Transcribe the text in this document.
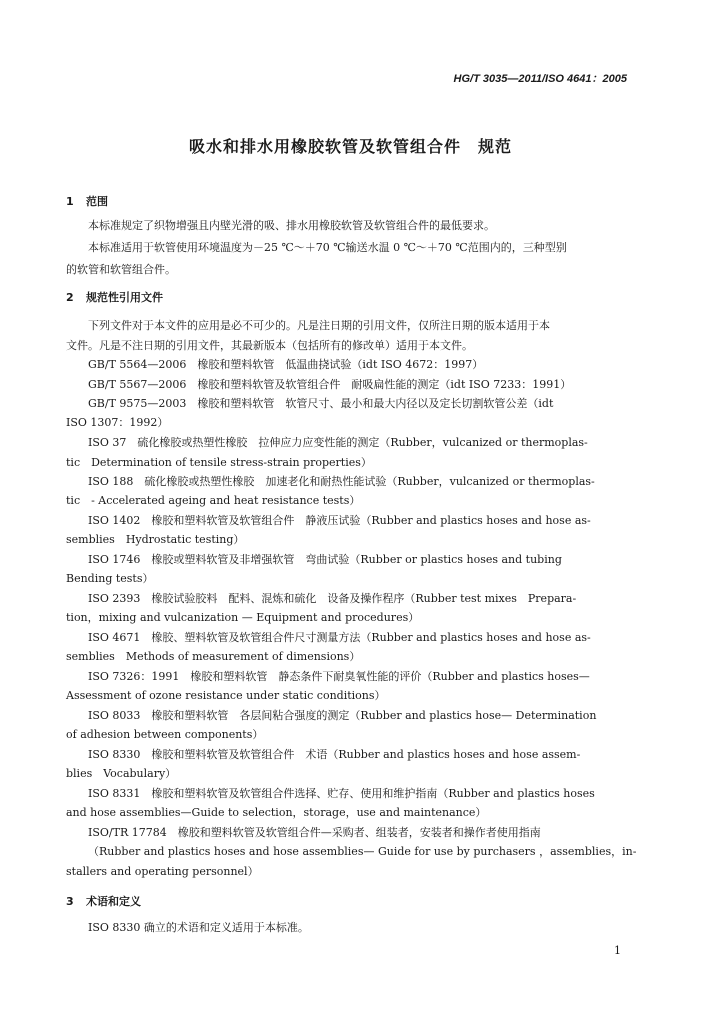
HG/T 3035—2011/ISO 4641：2005
吸水和排水用橡胶软管及软管组合件　规范
1 范围
本标准规定了织物增强且内壁光滑的吸、排水用橡胶软管及软管组合件的最低要求。
本标准适用于软管使用环境温度为－25 ℃～＋70 ℃输送水温 0 ℃～＋70 ℃范围内的，三种型别
的软管和软管组合件。
2 规范性引用文件
下列文件对于本文件的应用是必不可少的。凡是注日期的引用文件，仅所注日期的版本适用于本
文件。凡是不注日期的引用文件，其最新版本（包括所有的修改单）适用于本文件。
GB/T 5564—2006　橡胶和塑料软管　低温曲挠试验（idt ISO 4672：1997）
GB/T 5567—2006　橡胶和塑料软管及软管组合件　耐吸扁性能的测定（idt ISO 7233：1991）
GB/T 9575—2003　橡胶和塑料软管　软管尺寸、最小和最大内径以及定长切割软管公差（idt
ISO 1307：1992）
ISO 37　硫化橡胶或热塑性橡胶　拉伸应力应变性能的测定（Rubber，vulcanized or thermoplas-
tic　Determination of tensile stress-strain properties）
ISO 188　硫化橡胶或热塑性橡胶　加速老化和耐热性能试验（Rubber，vulcanized or thermoplas-
tic　- Accelerated ageing and heat resistance tests）
ISO 1402　橡胶和塑料软管及软管组合件　静液压试验（Rubber and plastics hoses and hose as-
semblies　Hydrostatic testing）
ISO 1746　橡胶或塑料软管及非增强软管　弯曲试验（Rubber or plastics hoses and tubing
Bending tests）
ISO 2393　橡胶试验胶料　配料、混炼和硫化　设备及操作程序（Rubber test mixes　Prepara-
tion，mixing and vulcanization — Equipment and procedures）
ISO 4671　橡胶、塑料软管及软管组合件尺寸测量方法（Rubber and plastics hoses and hose as-
semblies　Methods of measurement of dimensions）
ISO 7326：1991　橡胶和塑料软管　静态条件下耐臭氧性能的评价（Rubber and plastics hoses—
Assessment of ozone resistance under static conditions）
ISO 8033　橡胶和塑料软管　各层间粘合强度的测定（Rubber and plastics hose— Determination
of adhesion between components）
ISO 8330　橡胶和塑料软管及软管组合件　术语（Rubber and plastics hoses and hose assem-
blies　Vocabulary）
ISO 8331　橡胶和塑料软管及软管组合件选择、贮存、使用和维护指南（Rubber and plastics hoses
and hose assemblies—Guide to selection，storage，use and maintenance）
ISO/TR 17784　橡胶和塑料软管及软管组合件—采购者、组装者，安装者和操作者使用指南
（Rubber and plastics hoses and hose assemblies— Guide for use by purchasers ，assemblies，in-
stallers and operating personnel）
3 术语和定义
ISO 8330 确立的术语和定义适用于本标准。
1
